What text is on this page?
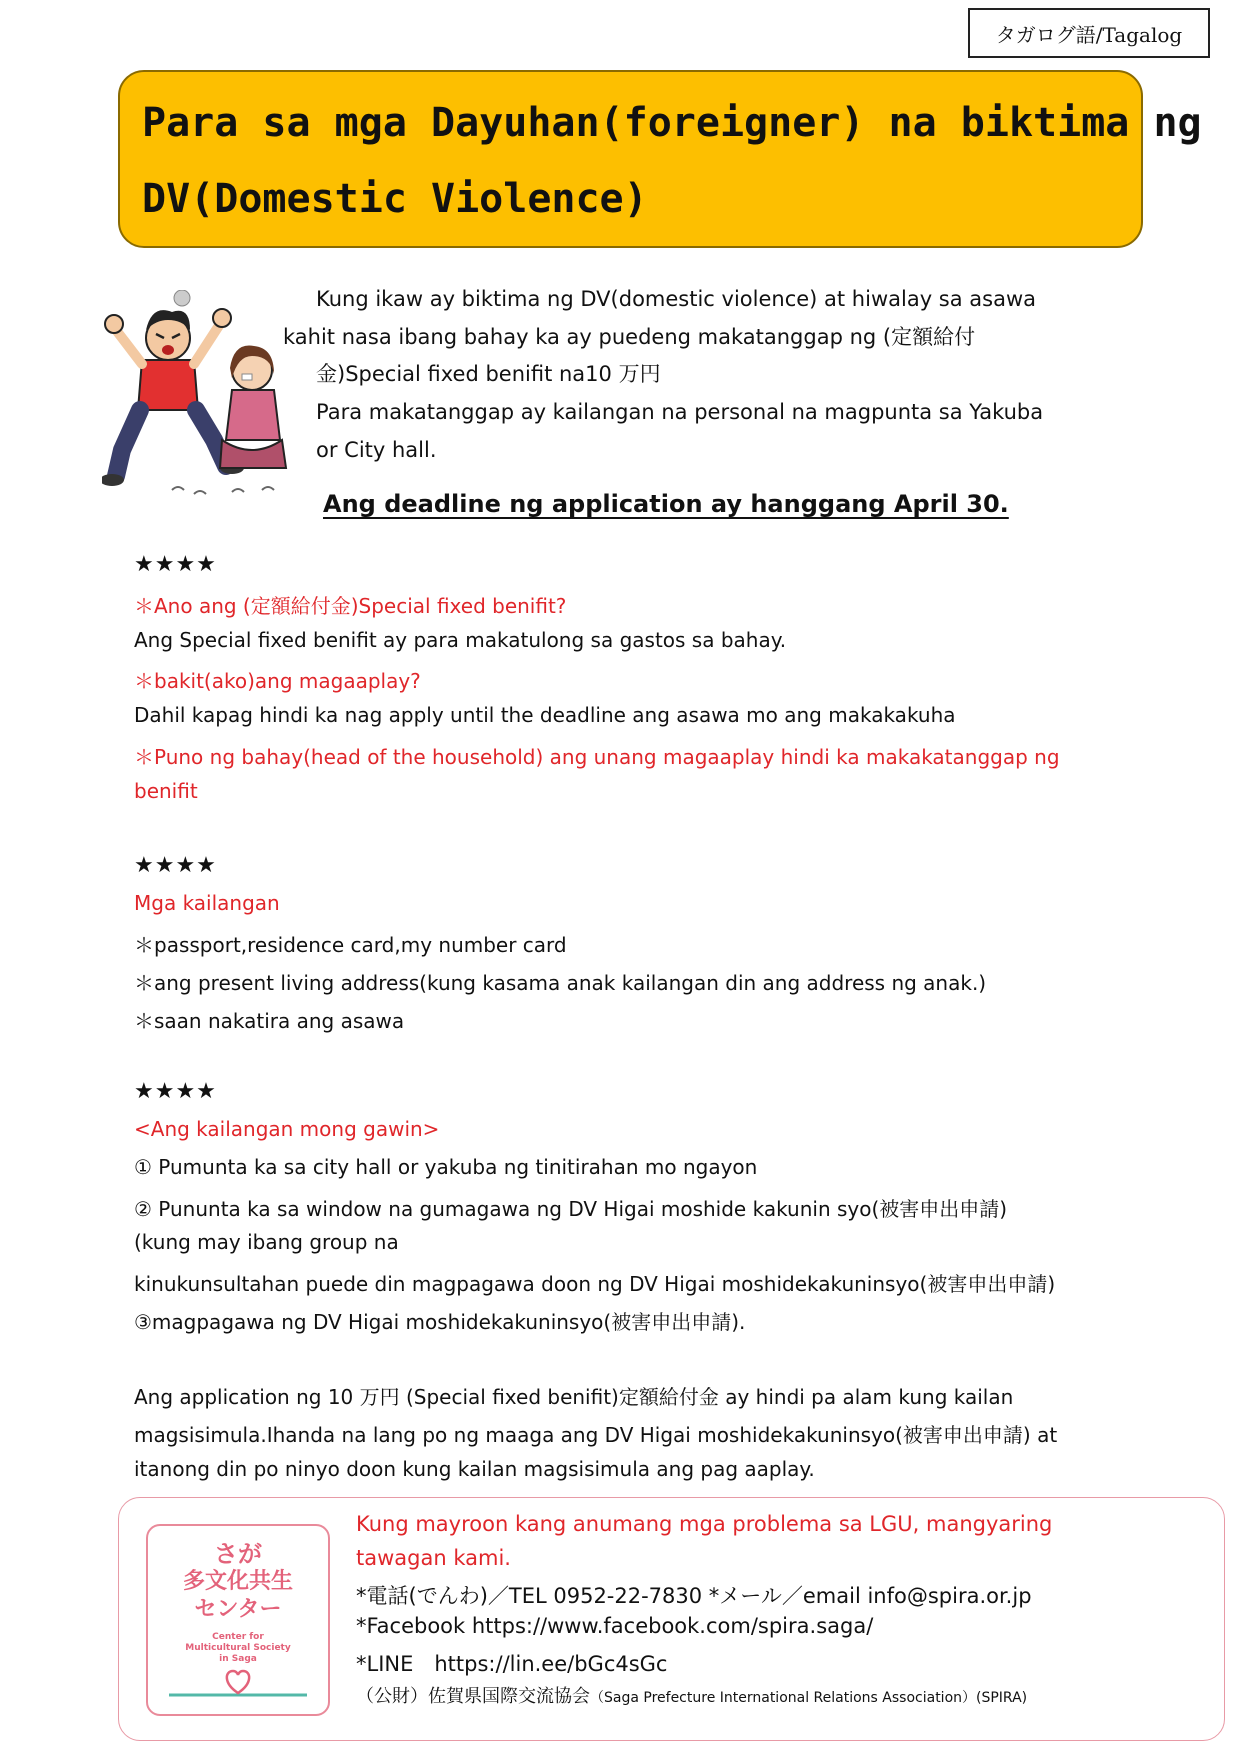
タガログ語/Tagalog
Para sa mga Dayuhan(foreigner) na biktima ng
DV(Domestic Violence)
Kung ikaw ay biktima ng DV(domestic violence) at hiwalay sa asawa
kahit nasa ibang bahay ka ay puedeng makatanggap ng (定額給付
金)Special fixed benifit na10 万円
Para makatanggap ay kailangan na personal na magpunta sa Yakuba
or City hall.
Ang deadline ng application ay hanggang April 30.
★★★★
＊Ano ang (定額給付金)Special fixed benifit?
Ang Special fixed benifit ay para makatulong sa gastos sa bahay.
＊bakit(ako)ang magaaplay?
Dahil kapag hindi ka nag apply until the deadline ang asawa mo ang makakakuha
＊Puno ng bahay(head of the household) ang unang magaaplay hindi ka makakatanggap ng
benifit
★★★★
Mga kailangan
＊passport,residence card,my number card
＊ang present living address(kung kasama anak kailangan din ang address ng anak.)
＊saan nakatira ang asawa
★★★★
<Ang kailangan mong gawin>
① Pumunta ka sa city hall or yakuba ng tinitirahan mo ngayon
② Pununta ka sa window na gumagawa ng DV Higai moshide kakunin syo(被害申出申請)
(kung may ibang group na
kinukunsultahan puede din magpagawa doon ng DV Higai moshidekakuninsyo(被害申出申請)
③magpagawa ng DV Higai moshidekakuninsyo(被害申出申請).
Ang application ng 10 万円 (Special fixed benifit)定額給付金 ay hindi pa alam kung kailan
magsisimula.Ihanda na lang po ng maaga ang DV Higai moshidekakuninsyo(被害申出申請) at
itanong din po ninyo doon kung kailan magsisimula ang pag aaplay.
さが
多文化共生
センター
Center for
Multicultural Society
in Saga
Kung mayroon kang anumang mga problema sa LGU, mangyaring
tawagan kami.
*電話(でんわ)／TEL 0952-22-7830 *メール／email info@spira.or.jp
*Facebook https://www.facebook.com/spira.saga/
*LINE　https://lin.ee/bGc4sGc
（公財）佐賀県国際交流協会（Saga Prefecture International Relations Association）(SPIRA)
